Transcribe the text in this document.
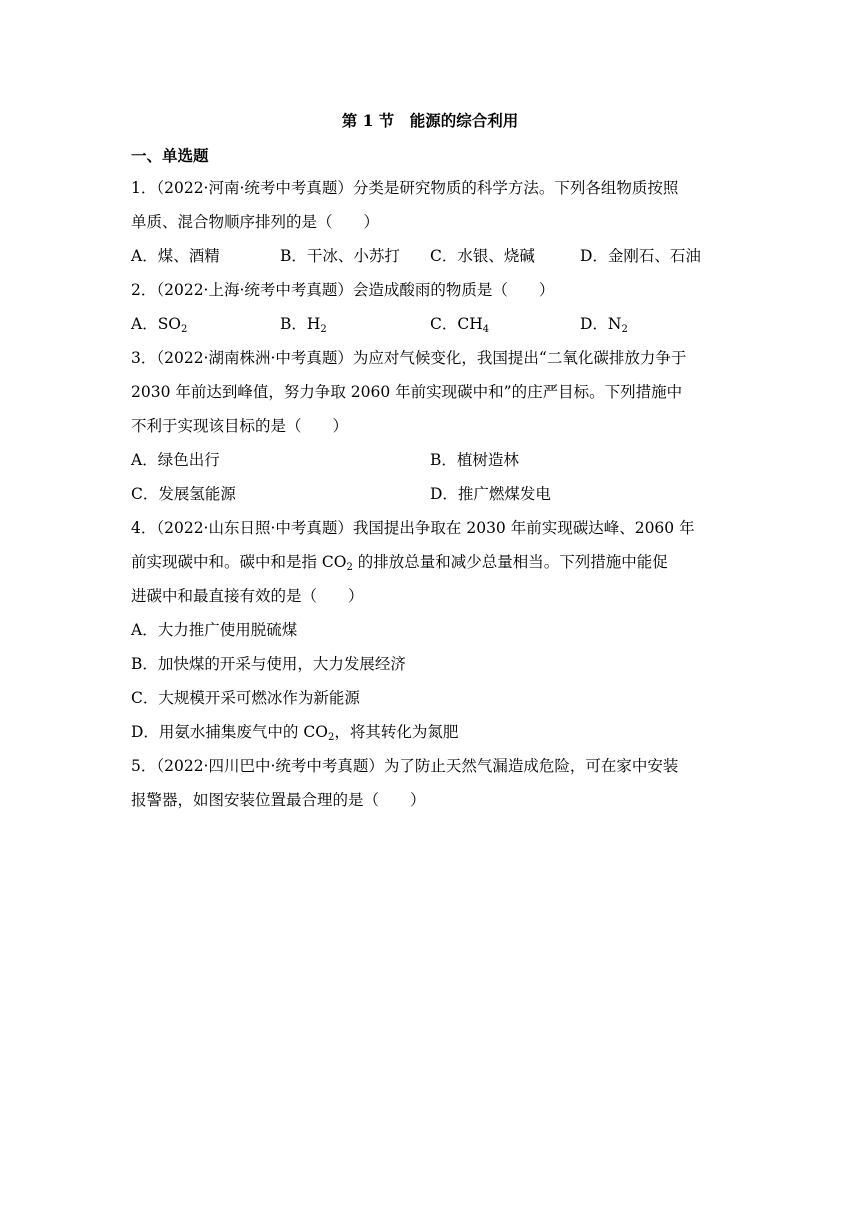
第 1 节　能源的综合利用
一、单选题
1．（2022·河南·统考中考真题）分类是研究物质的科学方法。下列各组物质按照
单质、混合物顺序排列的是（　　）
A．煤、酒精	B．干冰、小苏打 C．水银、烧碱	D．金刚石、石油
2．（2022·上海·统考中考真题）会造成酸雨的物质是（　　）
A．$SO_2$	B．$H_2$	C．$CH_4$	D．$N_2$
3．（2022·湖南株洲·中考真题）为应对气候变化，我国提出“二氧化碳排放力争于
2030 年前达到峰值，努力争取 2060 年前实现碳中和”的庄严目标。下列措施中
不利于实现该目标的是（　　）
A．绿色出行	B．植树造林
C．发展氢能源	D．推广燃煤发电
4．（2022·山东日照·中考真题）我国提出争取在 2030 年前实现碳达峰、2060 年
前实现碳中和。碳中和是指 $CO_2$ 的排放总量和减少总量相当。下列措施中能促
进碳中和最直接有效的是（　　）
A．大力推广使用脱硫煤
B．加快煤的开采与使用，大力发展经济
C．大规模开采可燃冰作为新能源
D．用氨水捕集废气中的 $CO_2$，将其转化为氮肥
5．（2022·四川巴中·统考中考真题）为了防止天然气漏造成危险，可在家中安装
报警器，如图安装位置最合理的是（　　）
